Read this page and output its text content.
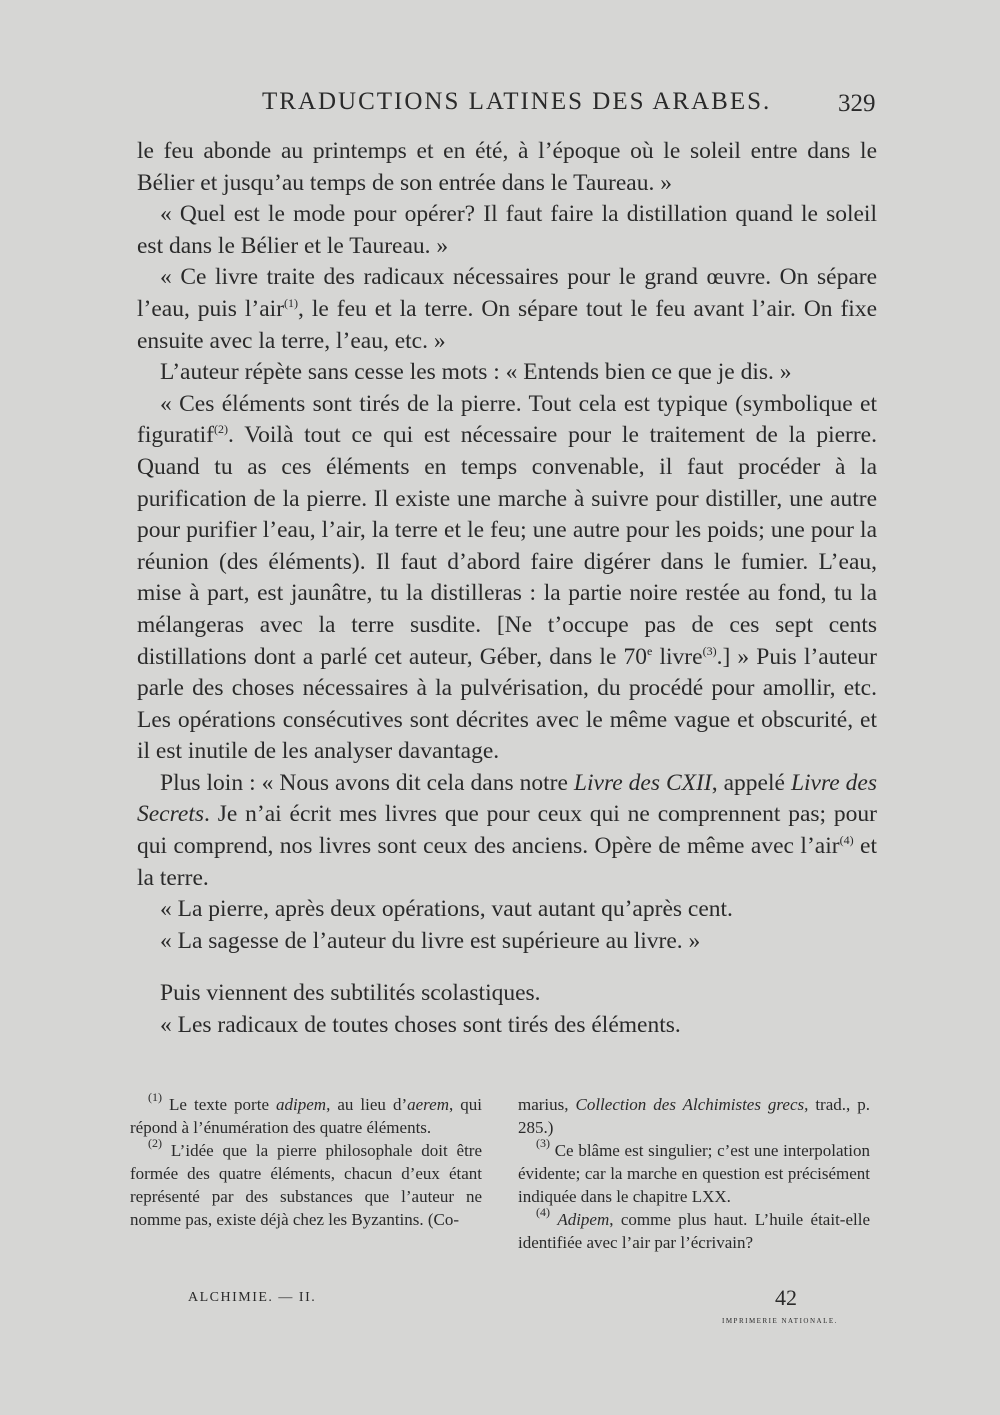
TRADUCTIONS LATINES DES ARABES.	329

le feu abonde au printemps et en été, à l’époque où le soleil entre dans le Bélier et jusqu’au temps de son entrée dans le Taureau. »

« Quel est le mode pour opérer? Il faut faire la distillation quand le soleil est dans le Bélier et le Taureau. »

« Ce livre traite des radicaux nécessaires pour le grand œuvre. On sépare l’eau, puis l’air$^{(1)}$, le feu et la terre. On sépare tout le feu avant l’air. On fixe ensuite avec la terre, l’eau, etc. »

L’auteur répète sans cesse les mots : « Entends bien ce que je dis. »

« Ces éléments sont tirés de la pierre. Tout cela est typique (symbolique et figuratif$^{(2)}$. Voilà tout ce qui est nécessaire pour le traitement de la pierre. Quand tu as ces éléments en temps convenable, il faut procéder à la purification de la pierre. Il existe une marche à suivre pour distiller, une autre pour purifier l’eau, l’air, la terre et le feu; une autre pour les poids; une pour la réunion (des éléments). Il faut d’abord faire digérer dans le fumier. L’eau, mise à part, est jaunâtre, tu la distilleras : la partie noire restée au fond, tu la mélangeras avec la terre susdite. [Ne t’occupe pas de ces sept cents distillations dont a parlé cet auteur, Géber, dans le 70e livre$^{(3)}$.] » Puis l’auteur parle des choses nécessaires à la pulvérisation, du procédé pour amollir, etc. Les opérations consécutives sont décrites avec le même vague et obscurité, et il est inutile de les analyser davantage.

Plus loin : « Nous avons dit cela dans notre Livre des CXII, appelé Livre des Secrets. Je n’ai écrit mes livres que pour ceux qui ne comprennent pas; pour qui comprend, nos livres sont ceux des anciens. Opère de même avec l’air$^{(4)}$ et la terre.

« La pierre, après deux opérations, vaut autant qu’après cent.

« La sagesse de l’auteur du livre est supérieure au livre. »

Puis viennent des subtilités scolastiques.

« Les radicaux de toutes choses sont tirés des éléments.

$^{(1)}$ Le texte porte adipem, au lieu d’aerem, qui répond à l’énumération des quatre éléments.

$^{(2)}$ L’idée que la pierre philosophale doit être formée des quatre éléments, chacun d’eux étant représenté par des substances que l’auteur ne nomme pas, existe déjà chez les Byzantins. (Co-

marius, Collection des Alchimistes grecs, trad., p. 285.)

$^{(3)}$ Ce blâme est singulier; c’est une interpolation évidente; car la marche en question est précisément indiquée dans le chapitre LXX.

$^{(4)}$ Adipem, comme plus haut. L’huile était-elle identifiée avec l’air par l’écrivain?

ALCHIMIE. — II.	42
IMPRIMERIE NATIONALE.
